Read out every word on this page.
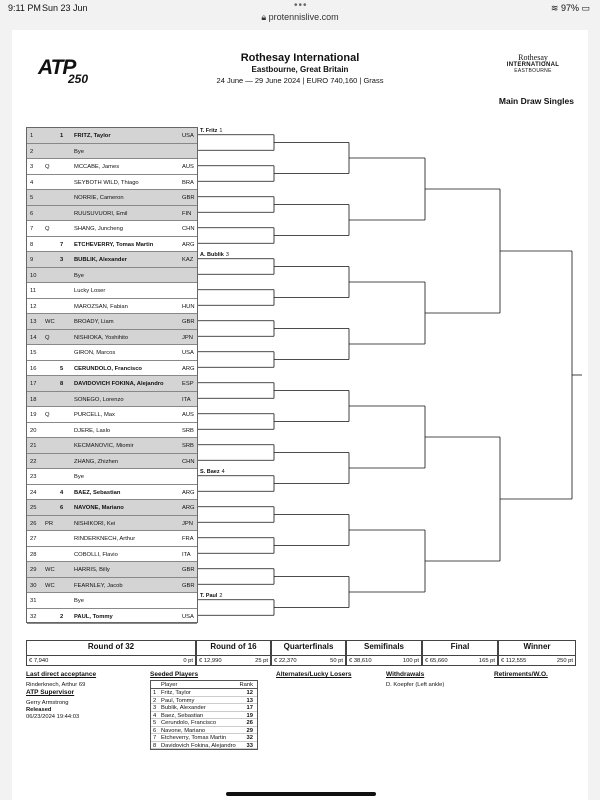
9:11 PM Sun 23 Jun	•••
🔒︎ protennislive.com
≋ 97% ▭
ATP
250
Rothesay International
Eastbourne, Great Britain
24 June — 29 June 2024 | EURO 740,160 | Grass
Rothesay
INTERNATIONAL
EASTBOURNE
Main Draw Singles
1	1 FRITZ, Taylor	USA
2	Bye
3 Q	MCCABE, James	AUS
4	SEYBOTH WILD, Thiago	BRA
5	NORRIE, Cameron	GBR
6	RUUSUVUORI, Emil	FIN
7 Q	SHANG, Juncheng	CHN
8	7 ETCHEVERRY, Tomas Martin	ARG
9	3 BUBLIK, Alexander	KAZ
10	Bye
11	Lucky Loser
12	MAROZSAN, Fabian	HUN
13 WC	BROADY, Liam	GBR
14 Q	NISHIOKA, Yoshihito	JPN
15	GIRON, Marcos	USA
16	5 CERUNDOLO, Francisco	ARG
17	8 DAVIDOVICH FOKINA, Alejandro	ESP
18	SONEGO, Lorenzo	ITA
19 Q	PURCELL, Max	AUS
20	DJERE, Laslo	SRB
21	KECMANOVIC, Miomir	SRB
22	ZHANG, Zhizhen	CHN
23	Bye
24	4 BAEZ, Sebastian	ARG
25	6 NAVONE, Mariano	ARG
26 PR	NISHIKORI, Kei	JPN
27	RINDERKNECH, Arthur	FRA
28	COBOLLI, Flavio	ITA
29 WC	HARRIS, Billy	GBR
30 WC	FEARNLEY, Jacob	GBR
31	Bye
32	2 PAUL, Tommy	USA
T. Fritz 1
A. Bublik 3
S. Baez 4
T. Paul 2
Round of 32
€ 7,940	0 pt
Round of 16
€ 12,990	25 pt
Quarterfinals
€ 22,370	50 pt
Semifinals
€ 38,610	100 pt
Final
€ 65,660	165 pt
Winner
€ 112,555	250 pt
Last direct acceptance
Rinderknech, Arthur 69
ATP Supervisor
Gerry Armstrong
Released
06/23/2024 19:44:03
Seeded Players
Player	Rank
1 Fritz, Taylor	12
2 Paul, Tommy	13
3 Bublik, Alexander	17
4 Baez, Sebastian	19
5 Cerundolo, Francisco	26
6 Navone, Mariano	29
7 Etcheverry, Tomas Martin	32
8 Davidovich Fokina, Alejandro 33
Alternates/Lucky Losers	Withdrawals
D. Koepfer (Left ankle)
Retirements/W.O.
